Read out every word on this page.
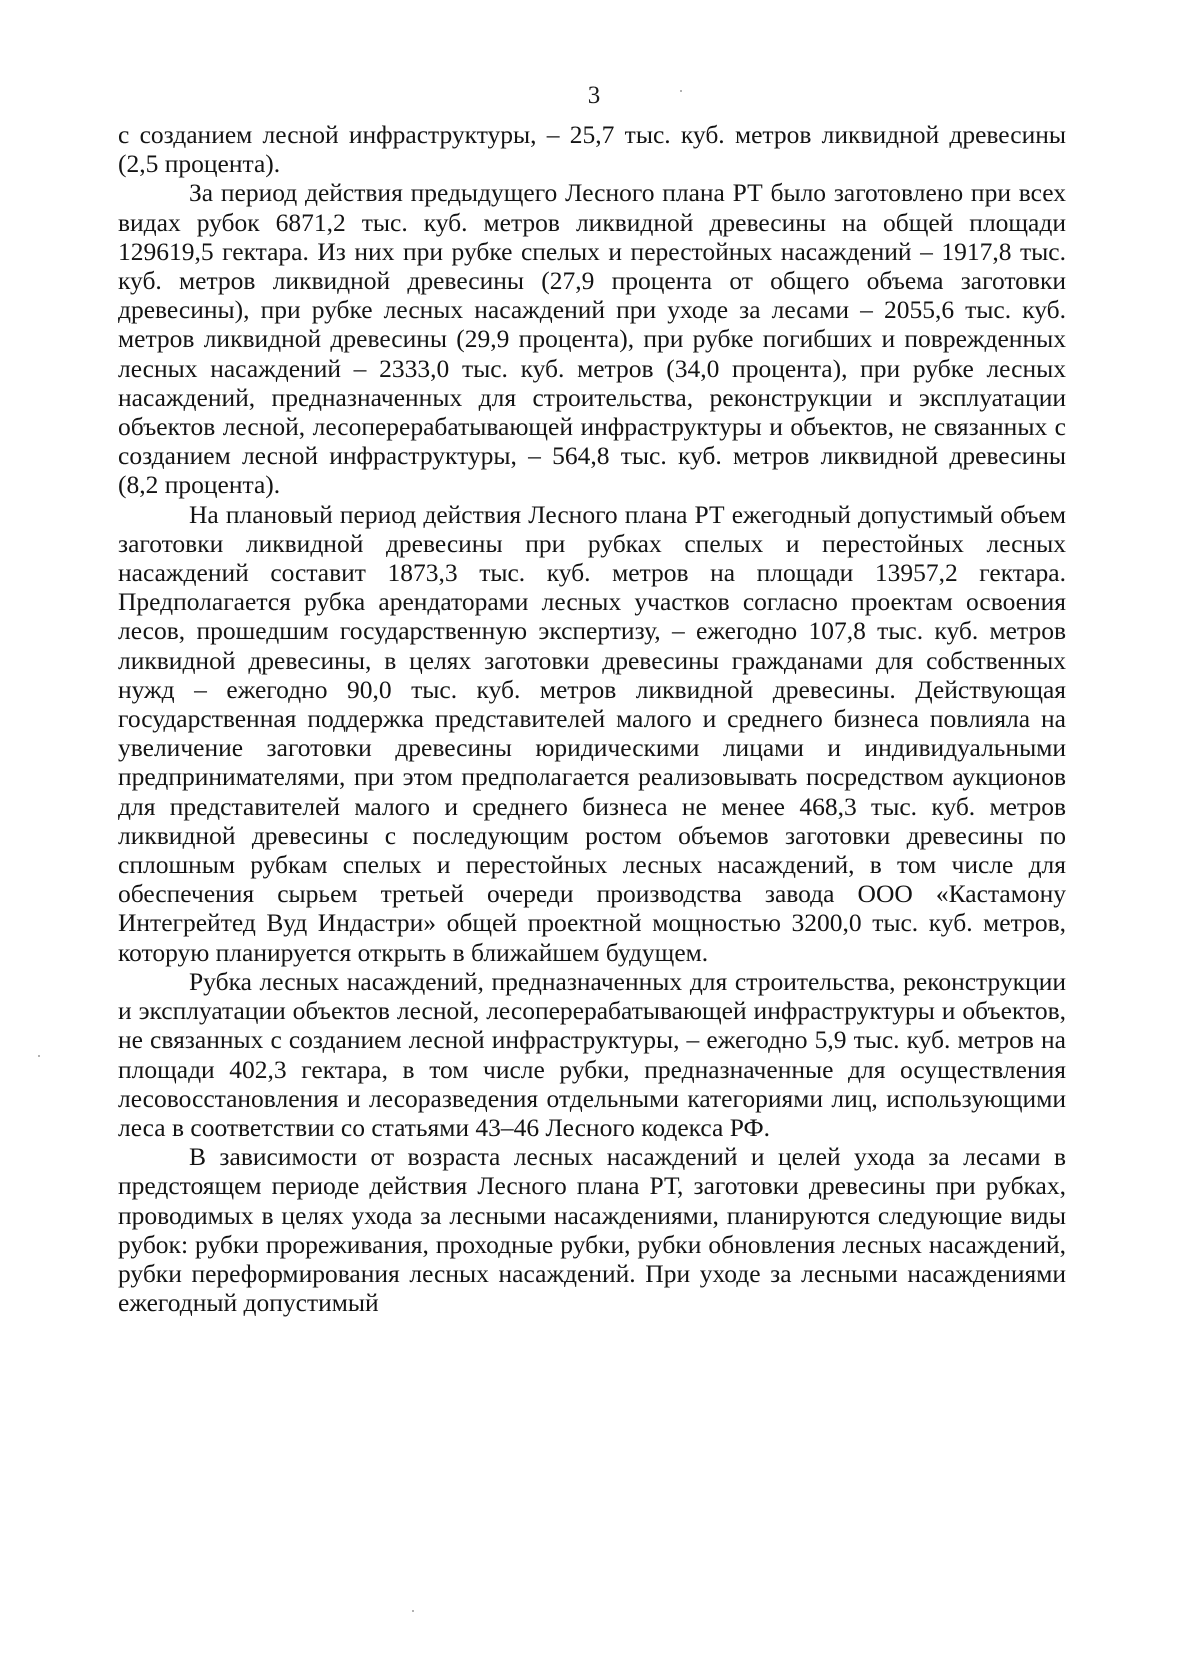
3

с созданием лесной инфраструктуры, – 25,7 тыс. куб. метров ликвидной древесины (2,5 процента).

За период действия предыдущего Лесного плана РТ было заготовлено при всех видах рубок 6871,2 тыс. куб. метров ликвидной древесины на общей площади 129619,5 гектара. Из них при рубке спелых и перестойных насаждений – 1917,8 тыс. куб. метров ликвидной древесины (27,9 процента от общего объема заготовки древесины), при рубке лесных насаждений при уходе за лесами – 2055,6 тыс. куб. метров ликвидной древесины (29,9 процента), при рубке погибших и поврежденных лесных насаждений – 2333,0 тыс. куб. метров (34,0 процента), при рубке лесных насаждений, предназначенных для строительства, реконструкции и эксплуатации объектов лесной, лесоперерабатывающей инфраструктуры и объектов, не связанных с созданием лесной инфраструктуры, – 564,8 тыс. куб. метров ликвидной древесины (8,2 процента).

На плановый период действия Лесного плана РТ ежегодный допустимый объем заготовки ликвидной древесины при рубках спелых и перестойных лесных насаждений составит 1873,3 тыс. куб. метров на площади 13957,2 гектара. Предполагается рубка арендаторами лесных участков согласно проектам освоения лесов, прошедшим государственную экспертизу, – ежегодно 107,8 тыс. куб. метров ликвидной древесины, в целях заготовки древесины гражданами для собственных нужд – ежегодно 90,0 тыс. куб. метров ликвидной древесины. Действующая государственная поддержка представителей малого и среднего бизнеса повлияла на увеличение заготовки древесины юридическими лицами и индивидуальными предпринимателями, при этом предполагается реализовывать посредством аукционов для представителей малого и среднего бизнеса не менее 468,3 тыс. куб. метров ликвидной древесины с последующим ростом объемов заготовки древесины по сплошным рубкам спелых и перестойных лесных насаждений, в том числе для обеспечения сырьем третьей очереди производства завода ООО «Кастамону Интегрейтед Вуд Индастри» общей проектной мощностью 3200,0 тыс. куб. метров, которую планируется открыть в ближайшем будущем.

Рубка лесных насаждений, предназначенных для строительства, реконструкции и эксплуатации объектов лесной, лесоперерабатывающей инфраструктуры и объектов, не связанных с созданием лесной инфраструктуры, – ежегодно 5,9 тыс. куб. метров на площади 402,3 гектара, в том числе рубки, предназначенные для осуществления лесовосстановления и лесоразведения отдельными категориями лиц, использующими леса в соответствии со статьями 43–46 Лесного кодекса РФ.

В зависимости от возраста лесных насаждений и целей ухода за лесами в предстоящем периоде действия Лесного плана РТ, заготовки древесины при рубках, проводимых в целях ухода за лесными насаждениями, планируются следующие виды рубок: рубки прореживания, проходные рубки, рубки обновления лесных насаждений, рубки переформирования лесных насаждений. При уходе за лесными насаждениями ежегодный допустимый
